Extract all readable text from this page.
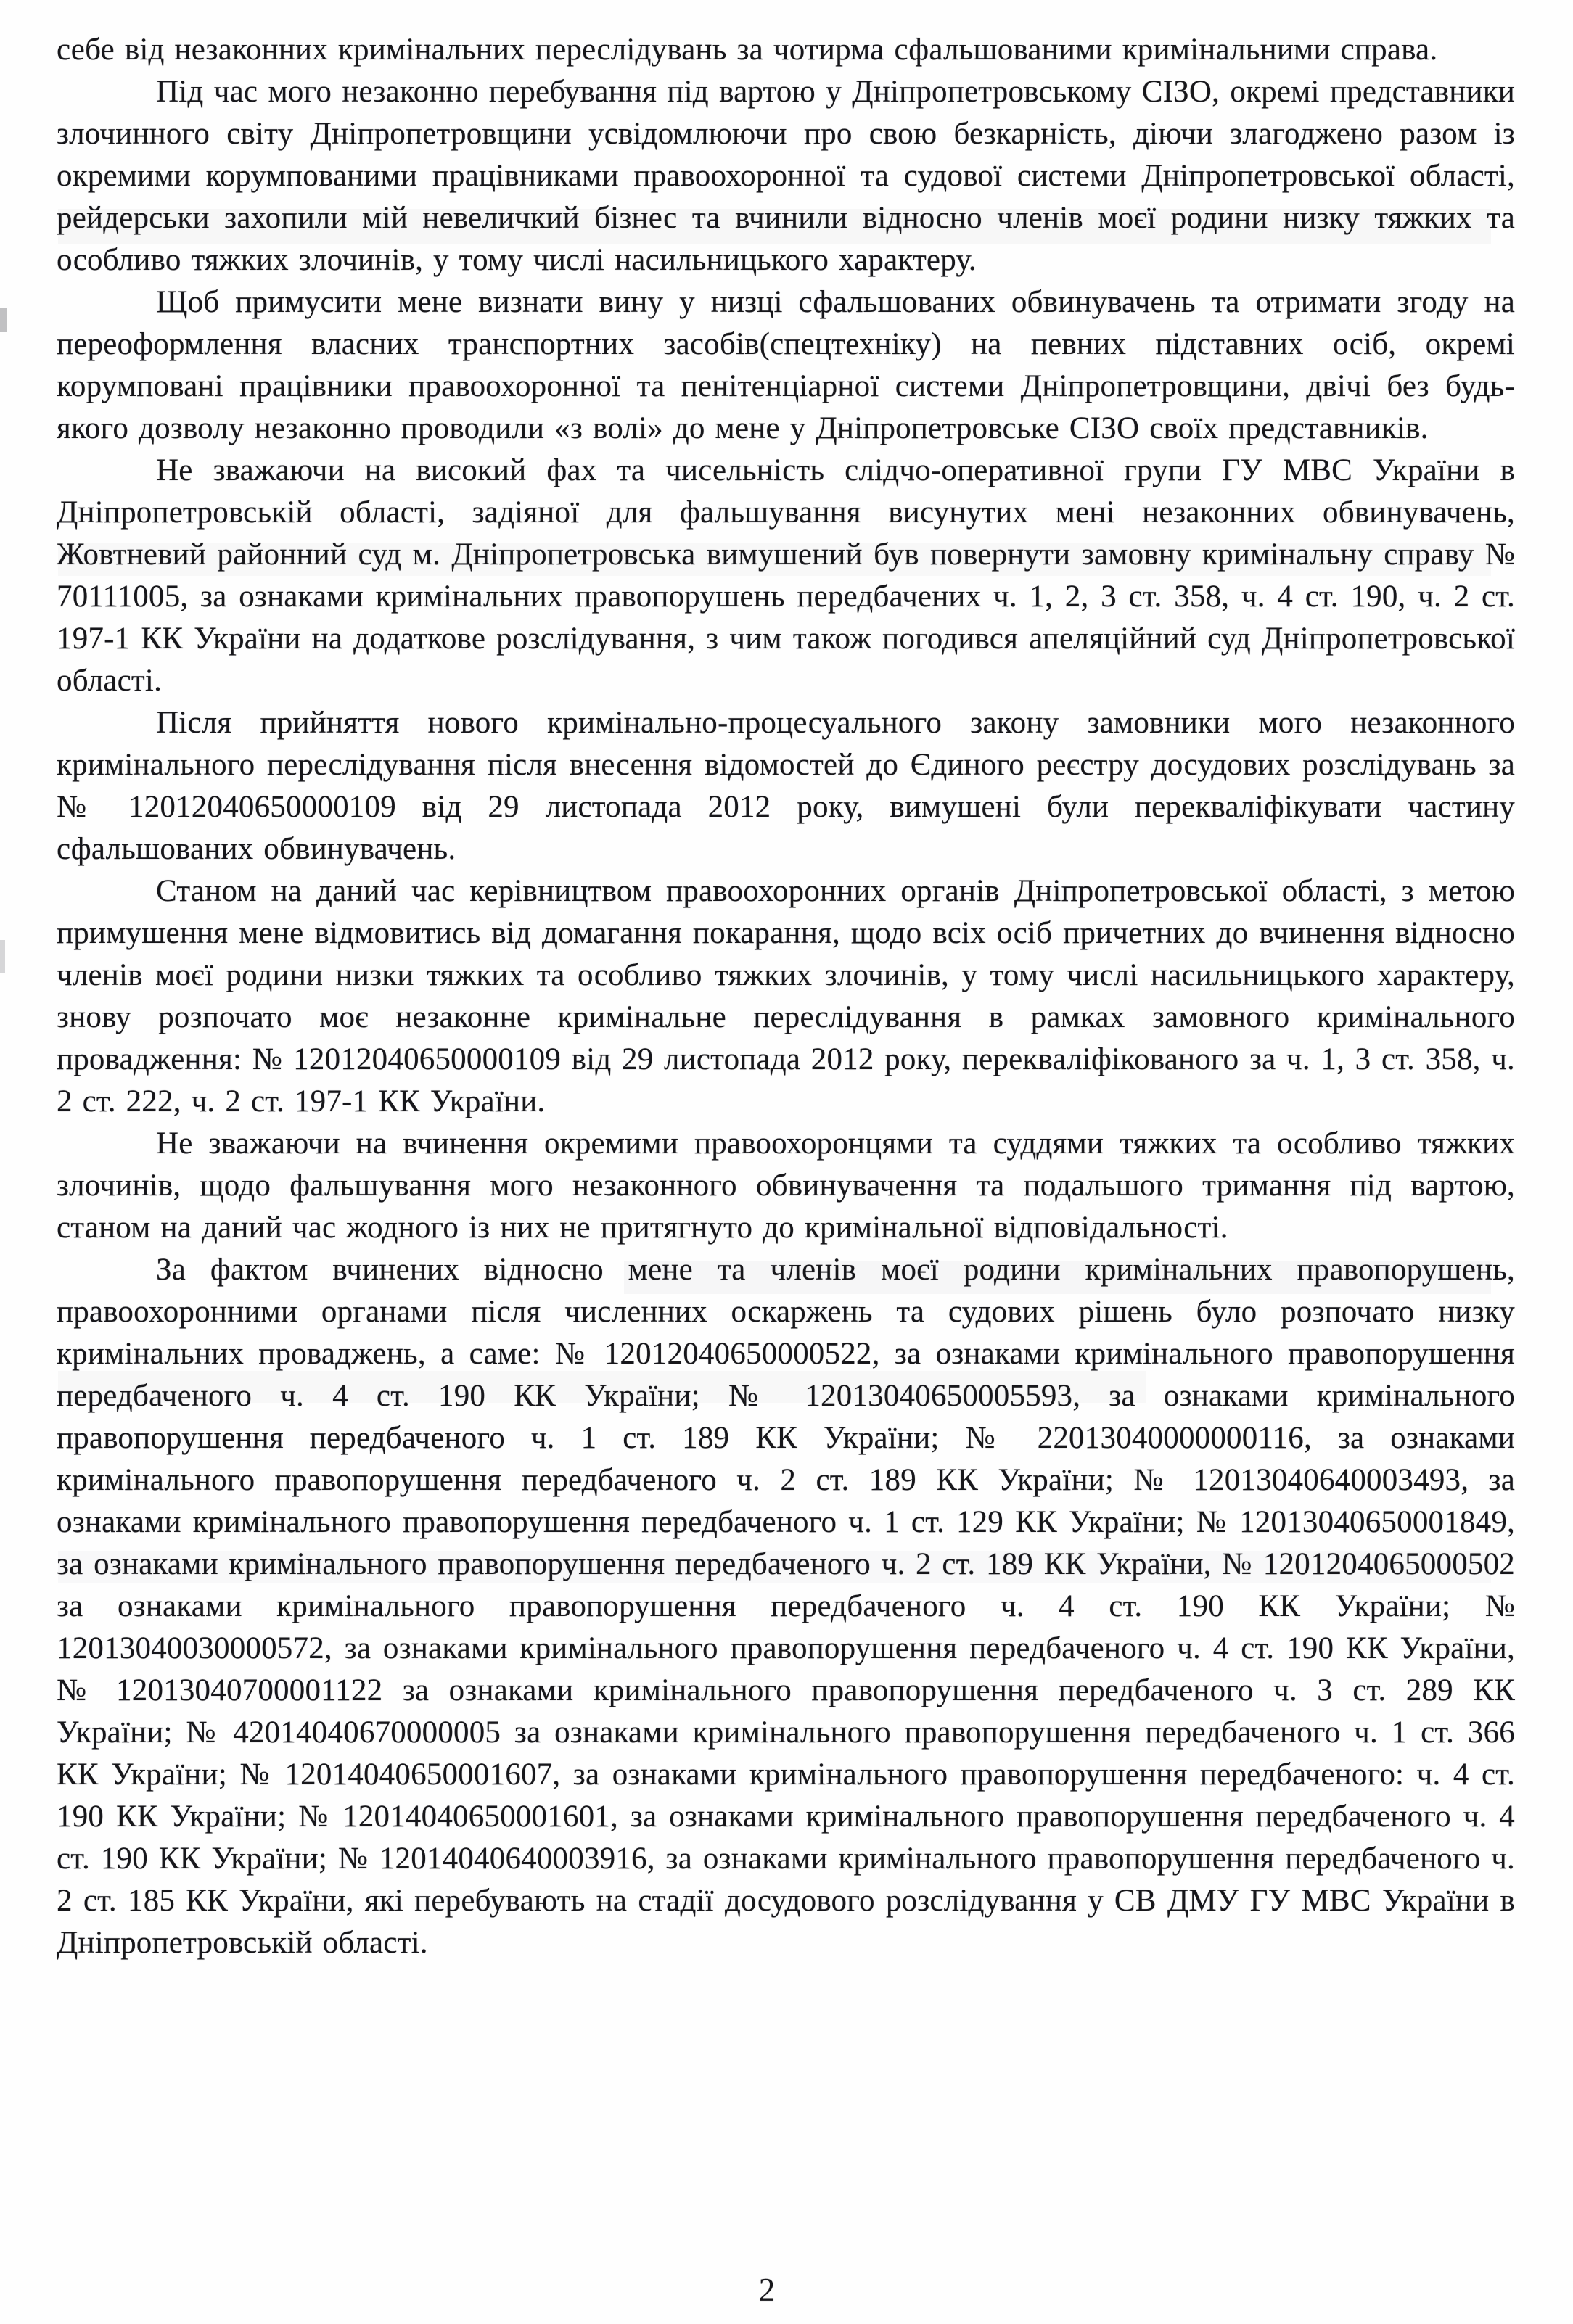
себе від незаконних кримінальних переслідувань за чотирма сфальшованими кримінальними справа.

Під час мого незаконно перебування під вартою у Дніпропетровському СІЗО, окремі представники злочинного світу Дніпропетровщини усвідомлюючи про свою безкарність, діючи злагоджено разом із окремими корумпованими працівниками правоохоронної та судової системи Дніпропетровської області, рейдерськи захопили мій невеличкий бізнес та вчинили відносно членів моєї родини низку тяжких та особливо тяжких злочинів, у тому числі насильницького характеру.

Щоб примусити мене визнати вину у низці сфальшованих обвинувачень та отримати згоду на переоформлення власних транспортних засобів(спецтехніку) на певних підставних осіб, окремі корумповані працівники правоохоронної та пенітенціарної системи Дніпропетровщини, двічі без будь-якого дозволу незаконно проводили «з волі» до мене у Дніпропетровське СІЗО своїх представників.

Не зважаючи на високий фах та чисельність слідчо-оперативної групи ГУ МВС України в Дніпропетровській області, задіяної для фальшування висунутих мені незаконних обвинувачень, Жовтневий районний суд м. Дніпропетровська вимушений був повернути замовну кримінальну справу № 70111005, за ознаками кримінальних правопорушень передбачених ч. 1, 2, 3 ст. 358, ч. 4 ст. 190, ч. 2 ст. 197-1 КК України на додаткове розслідування, з чим також погодився апеляційний суд Дніпропетровської області.

Після прийняття нового кримінально-процесуального закону замовники мого незаконного кримінального переслідування після внесення відомостей до Єдиного реєстру досудових розслідувань за № 12012040650000109 від 29 листопада 2012 року, вимушені були перекваліфікувати частину сфальшованих обвинувачень.

Станом на даний час керівництвом правоохоронних органів Дніпропетровської області, з метою примушення мене відмовитись від домагання покарання, щодо всіх осіб причетних до вчинення відносно членів моєї родини низки тяжких та особливо тяжких злочинів, у тому числі насильницького характеру, знову розпочато моє незаконне кримінальне переслідування в рамках замовного кримінального провадження: № 12012040650000109 від 29 листопада 2012 року, перекваліфікованого за ч. 1, 3 ст. 358, ч. 2 ст. 222, ч. 2 ст. 197-1 КК України.

Не зважаючи на вчинення окремими правоохоронцями та суддями тяжких та особливо тяжких злочинів, щодо фальшування мого незаконного обвинувачення та подальшого тримання під вартою, станом на даний час жодного із них не притягнуто до кримінальної відповідальності.

За фактом вчинених відносно мене та членів моєї родини кримінальних правопорушень, правоохоронними органами після численних оскаржень та судових рішень було розпочато низку кримінальних проваджень, а саме: № 12012040650000522, за ознаками кримінального правопорушення передбаченого ч. 4 ст. 190 КК України; № 12013040650005593, за ознаками кримінального правопорушення передбаченого ч. 1 ст. 189 КК України; № 22013040000000116, за ознаками кримінального правопорушення передбаченого ч. 2 ст. 189 КК України; № 12013040640003493, за ознаками кримінального правопорушення передбаченого ч. 1 ст. 129 КК України; № 12013040650001849, за ознаками кримінального правопорушення передбаченого ч. 2 ст. 189 КК України, № 1201204065000502 за ознаками кримінального правопорушення передбаченого ч. 4 ст. 190 КК України; № 12013040030000572, за ознаками кримінального правопорушення передбаченого ч. 4 ст. 190 КК України, № 12013040700001122 за ознаками кримінального правопорушення передбаченого ч. 3 ст. 289 КК України; № 42014040670000005 за ознаками кримінального правопорушення передбаченого ч. 1 ст. 366 КК України; № 12014040650001607, за ознаками кримінального правопорушення передбаченого: ч. 4 ст. 190 КК України; № 12014040650001601, за ознаками кримінального правопорушення передбаченого ч. 4 ст. 190 КК України; № 12014040640003916, за ознаками кримінального правопорушення передбаченого ч. 2 ст. 185 КК України, які перебувають на стадії досудового розслідування у СВ ДМУ ГУ МВС України в Дніпропетровській області.

2
